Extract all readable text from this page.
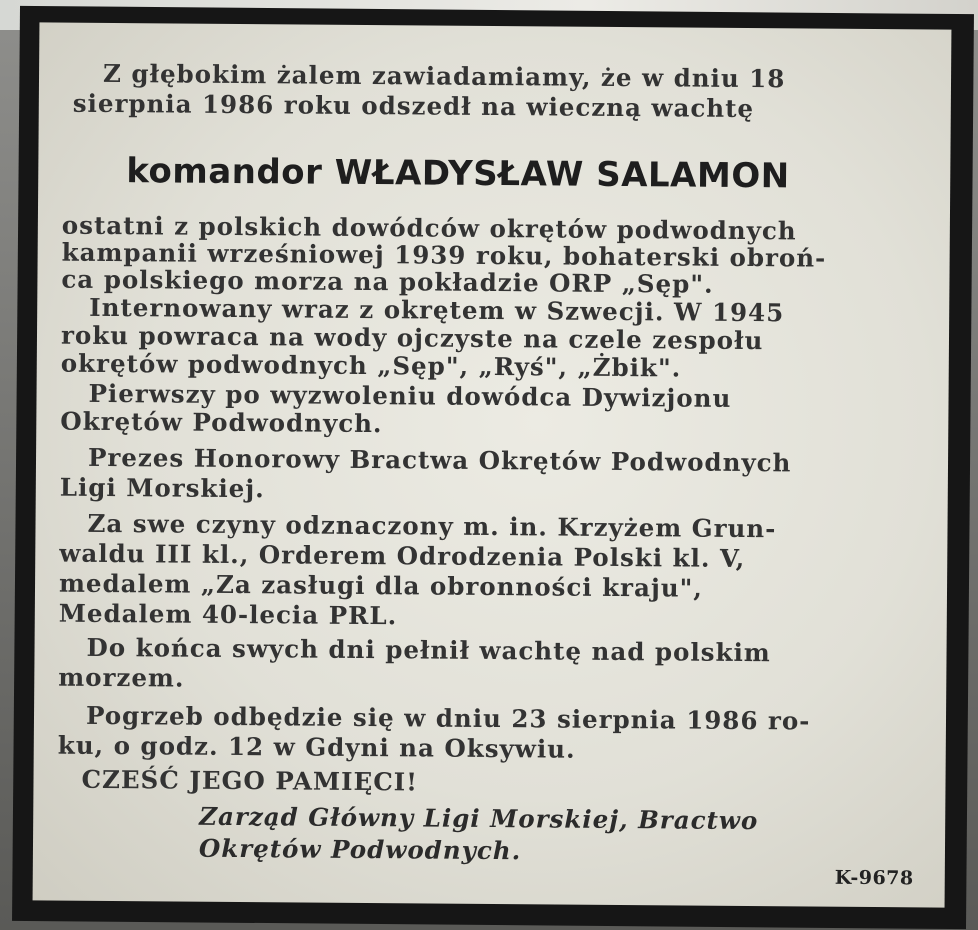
Z głębokim żalem zawiadamiamy, że w dniu 18
sierpnia 1986 roku odszedł na wieczną wachtę
komandor WŁADYSŁAW SALAMON
ostatni z polskich dowódców okrętów podwodnych
kampanii wrześniowej 1939 roku, bohaterski obroń-
ca polskiego morza na pokładzie ORP „Sęp".
Internowany wraz z okrętem w Szwecji. W 1945
roku powraca na wody ojczyste na czele zespołu
okrętów podwodnych „Sęp", „Ryś", „Żbik".
Pierwszy po wyzwoleniu dowódca Dywizjonu
Okrętów Podwodnych.
Prezes Honorowy Bractwa Okrętów Podwodnych
Ligi Morskiej.
Za swe czyny odznaczony m. in. Krzyżem Grun-
waldu III kl., Orderem Odrodzenia Polski kl. V,
medalem „Za zasługi dla obronności kraju",
Medalem 40-lecia PRL.
Do końca swych dni pełnił wachtę nad polskim
morzem.
Pogrzeb odbędzie się w dniu 23 sierpnia 1986 ro-
ku, o godz. 12 w Gdyni na Oksywiu.
CZEŚĆ JEGO PAMIĘCI!
Zarząd Główny Ligi Morskiej, Bractwo
Okrętów Podwodnych.
K-9678
